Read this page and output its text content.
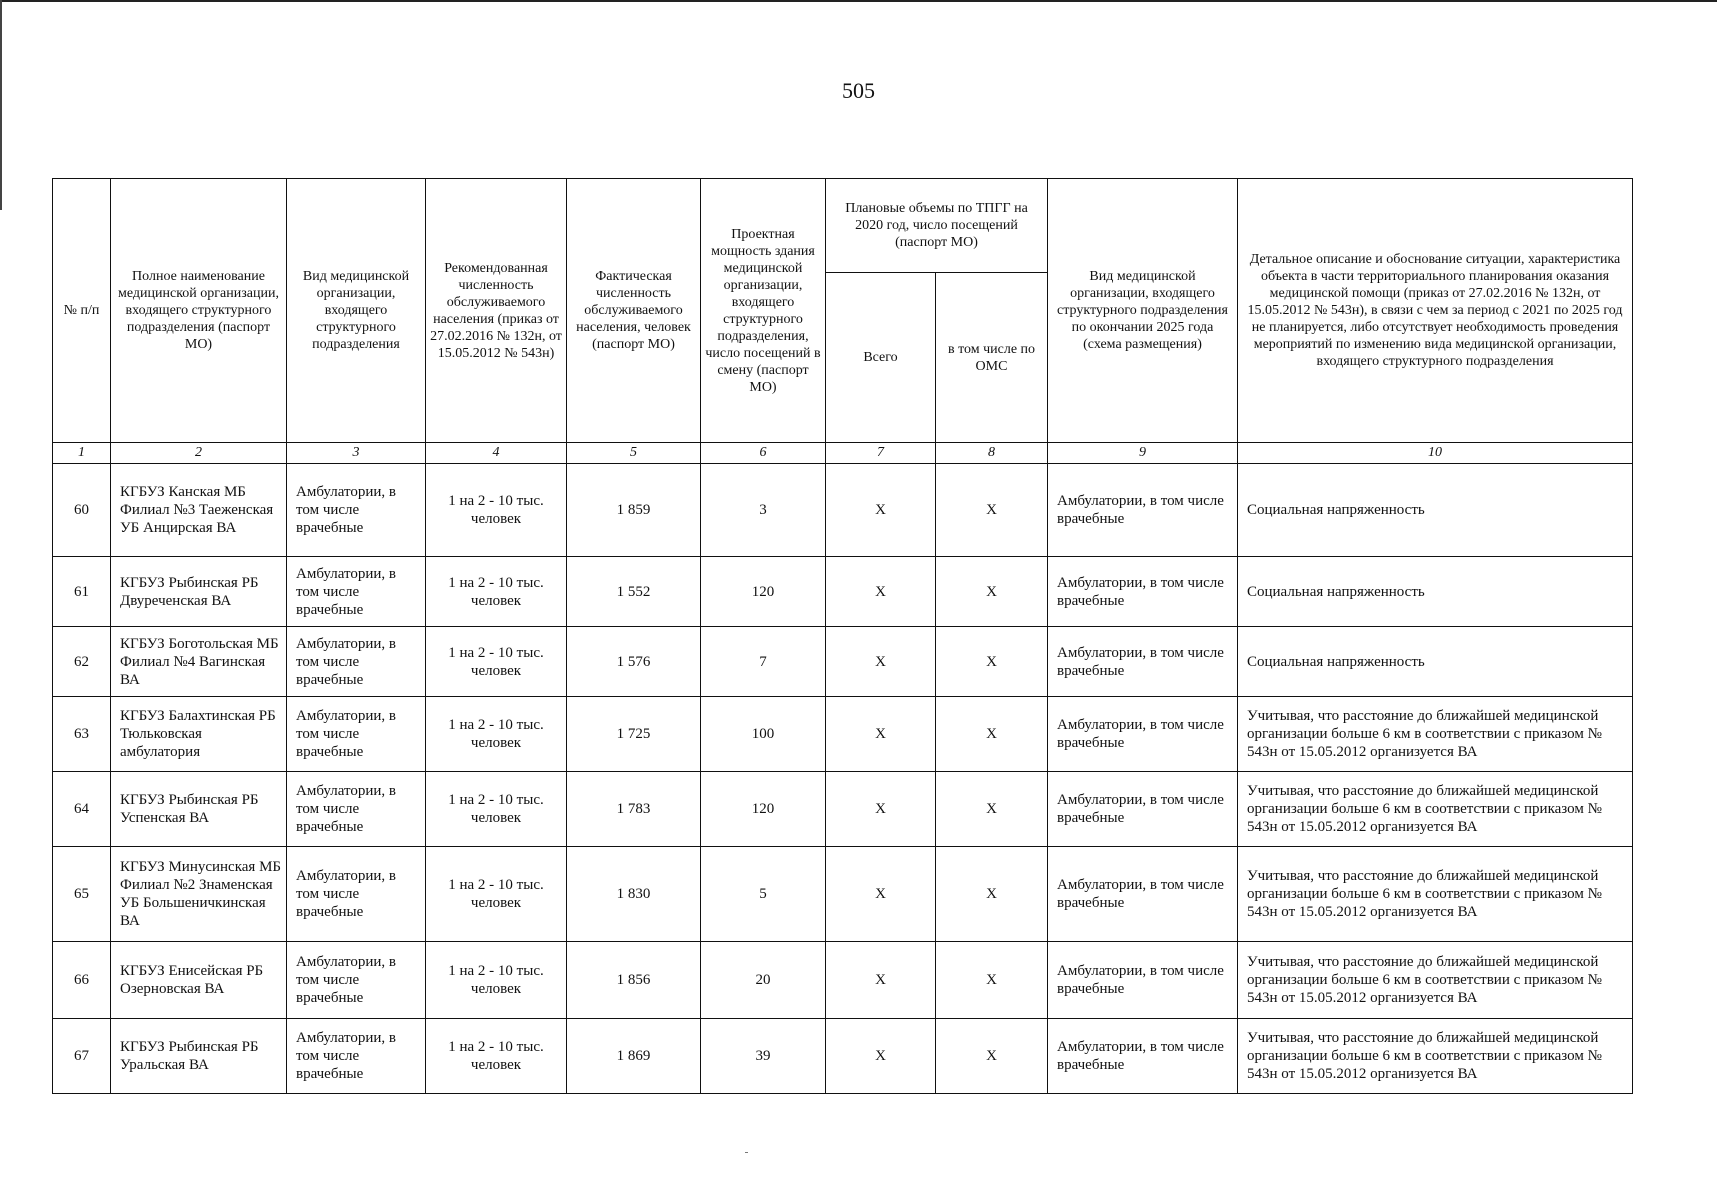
505
№ п/п	Полное наименование медицинской организации, входящего структурного подразделения (паспорт МО)	Вид медицинской организации, входящего структурного подразделения	Рекомендованная численность обслуживаемого населения (приказ от 27.02.2016 № 132н, от 15.05.2012 № 543н)	Фактическая численность обслуживаемого населения, человек (паспорт МО)	Проектная мощность здания медицинской организации, входящего структурного подразделения, число посещений в смену (паспорт МО)	Плановые объемы по ТПГГ на 2020 год, число посещений (паспорт МО)		Вид медицинской организации, входящего структурного подразделения по окончании 2025 года (схема размещения)	Детальное описание и обоснование ситуации, характеристика объекта в части территориального планирования оказания медицинской помощи (приказ от 27.02.2016 № 132н, от 15.05.2012 № 543н), в связи с чем за период с 2021 по 2025 год не планируется, либо отсутствует необходимость проведения мероприятий по изменению вида медицинской организации, входящего структурного подразделения
						Всего	в том числе по ОМС		
1	2	3	4	5	6	7	8	9	10
60	КГБУЗ Канская МБ Филиал №3 Таеженская УБ Анцирская ВА	Амбулатории, в том числе врачебные	1 на 2 - 10 тыс. человек	1 859	3	X	X	Амбулатории, в том числе врачебные	Социальная напряженность
61	КГБУЗ Рыбинская РБ Двуреченская ВА	Амбулатории, в том числе врачебные	1 на 2 - 10 тыс. человек	1 552	120	X	X	Амбулатории, в том числе врачебные	Социальная напряженность
62	КГБУЗ Боготольская МБ Филиал №4 Вагинская ВА	Амбулатории, в том числе врачебные	1 на 2 - 10 тыс. человек	1 576	7	X	X	Амбулатории, в том числе врачебные	Социальная напряженность
63	КГБУЗ Балахтинская РБ Тюльковская амбулатория	Амбулатории, в том числе врачебные	1 на 2 - 10 тыс. человек	1 725	100	X	X	Амбулатории, в том числе врачебные	Учитывая, что расстояние до ближайшей медицинской организации больше 6 км в соответствии с приказом № 543н от 15.05.2012 организуется ВА
64	КГБУЗ Рыбинская РБ Успенская ВА	Амбулатории, в том числе врачебные	1 на 2 - 10 тыс. человек	1 783	120	X	X	Амбулатории, в том числе врачебные	Учитывая, что расстояние до ближайшей медицинской организации больше 6 км в соответствии с приказом № 543н от 15.05.2012 организуется ВА
65	КГБУЗ Минусинская МБ Филиал №2 Знаменская УБ Большеничкинская ВА	Амбулатории, в том числе врачебные	1 на 2 - 10 тыс. человек	1 830	5	X	X	Амбулатории, в том числе врачебные	Учитывая, что расстояние до ближайшей медицинской организации больше 6 км в соответствии с приказом № 543н от 15.05.2012 организуется ВА
66	КГБУЗ Енисейская РБ Озерновская ВА	Амбулатории, в том числе врачебные	1 на 2 - 10 тыс. человек	1 856	20	X	X	Амбулатории, в том числе врачебные	Учитывая, что расстояние до ближайшей медицинской организации больше 6 км в соответствии с приказом № 543н от 15.05.2012 организуется ВА
67	КГБУЗ Рыбинская РБ Уральская ВА	Амбулатории, в том числе врачебные	1 на 2 - 10 тыс. человек	1 869	39	X	X	Амбулатории, в том числе врачебные	Учитывая, что расстояние до ближайшей медицинской организации больше 6 км в соответствии с приказом № 543н от 15.05.2012 организуется ВА
